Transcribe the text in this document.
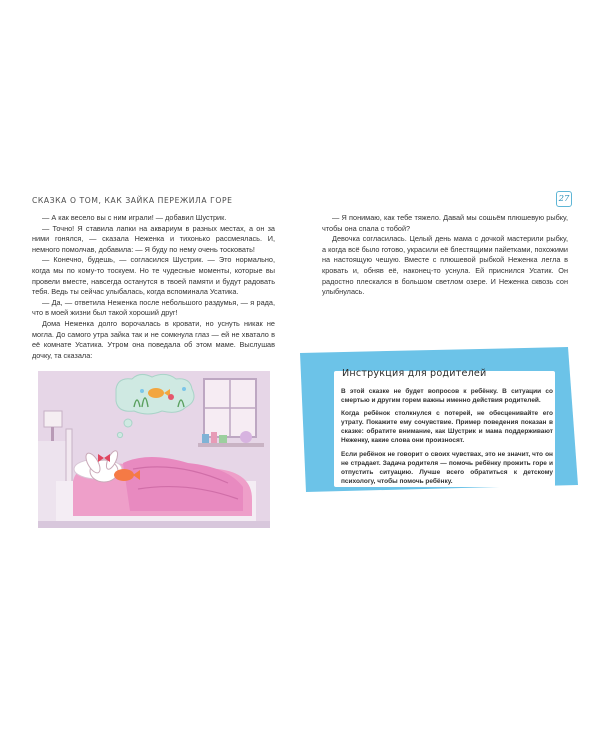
СКАЗКА О ТОМ, КАК ЗАЙКА ПЕРЕЖИЛА ГОРЕ	27

— А как весело вы с ним играли! — добавил Шустрик.

— Точно! Я ставила лапки на аквариум в разных местах, а он за ними гонялся, — сказала Неженка и тихонько рассмеялась. И, немного помолчав, добавила: — Я буду по нему очень тосковать!

— Конечно, будешь, — согласился Шустрик. — Это нормально, когда мы по кому-то тоскуем. Но те чудесные моменты, которые вы провели вместе, навсегда останутся в твоей памяти и будут радовать тебя. Ведь ты сейчас улыбалась, когда вспоминала Усатика.

— Да, — ответила Неженка после небольшого раздумья, — я рада, что в моей жизни был такой хороший друг!

Дома Неженка долго ворочалась в кровати, но уснуть никак не могла. До самого утра зайка так и не сомкнула глаз — ей не хватало в её комнате Усатика. Утром она поведала об этом маме. Выслушав дочку, та сказала:

— Я понимаю, как тебе тяжело. Давай мы сошьём плюшевую рыбку, чтобы она спала с тобой?

Девочка согласилась. Целый день мама с дочкой мастерили рыбку, а когда всё было готово, украсили её блестящими пайетками, похожими на настоящую чешую. Вместе с плюшевой рыбкой Неженка легла в кровать и, обняв её, наконец-то уснула. Ей приснился Усатик. Он радостно плескался в большом светлом озере. И Неженка сквозь сон улыбнулась.

Инструкция для родителей

В этой сказке не будет вопросов к ребёнку. В ситуации со смертью и другим горем важны именно действия родителей.

Когда ребёнок столкнулся с потерей, не обесценивайте его утрату. Покажите ему сочувствие. Пример поведения показан в сказке: обратите внимание, как Шустрик и мама поддерживают Неженку, какие слова они произносят.

Если ребёнок не говорит о своих чувствах, это не значит, что он не страдает. Задача родителя — помочь ребёнку прожить горе и отпустить ситуацию. Лучше всего обратиться к детскому психологу, чтобы помочь ребёнку.
